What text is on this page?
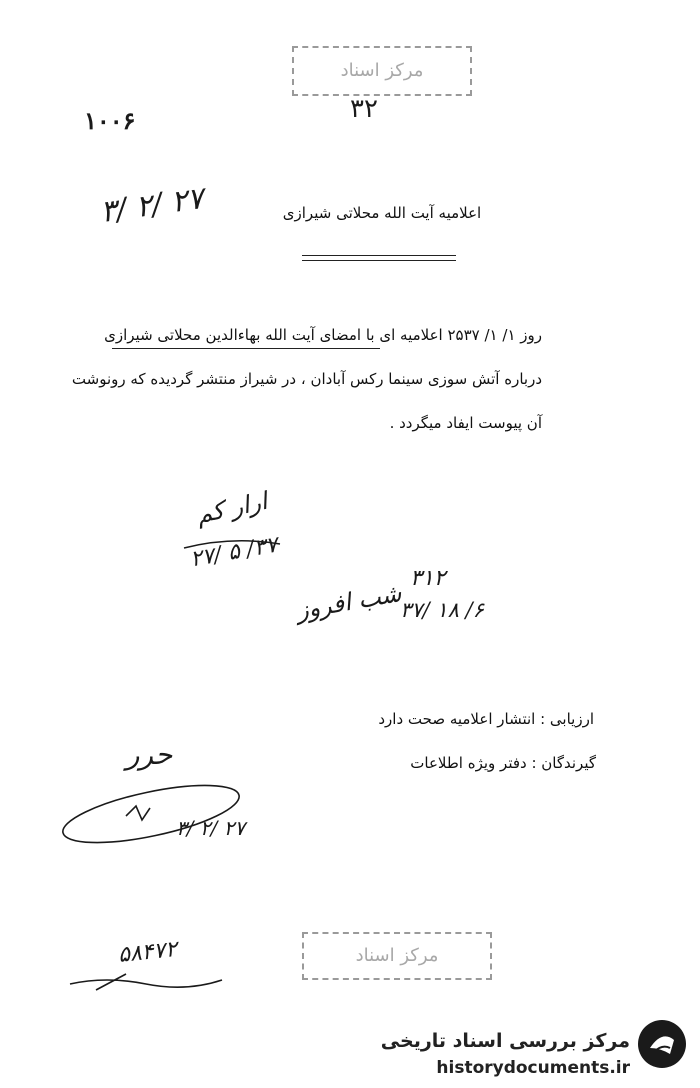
مرکز اسناد
۳۲
۱۰۰۶
۳/ ۲/ ۲۷	اعلامیه آیت الله محلاتی شیرازی
روز ۱/ ۱/ ۲۵۳۷ اعلامیه ای با امضای آیت الله بهاءالدین محلاتی شیرازی
درباره آتش سوزی سینما رکس آبادان ، در شیراز منتشر گردیده که رونوشت
آن پیوست ایفاد میگردد .
ارار کم
۲۷/ ۵ /۳۷
۳۱۲
شب افروز
۳۷/ ۱۸ /۶
ارزیابی : انتشار اعلامیه صحت دارد
گیرندگان : دفتر ویژه اطلاعات
حرر
۳/ ۲/ ۲۷
مرکز اسناد
۵۸۴۷۲
مرکز بررسی اسناد تاریخی
historydocuments.ir
